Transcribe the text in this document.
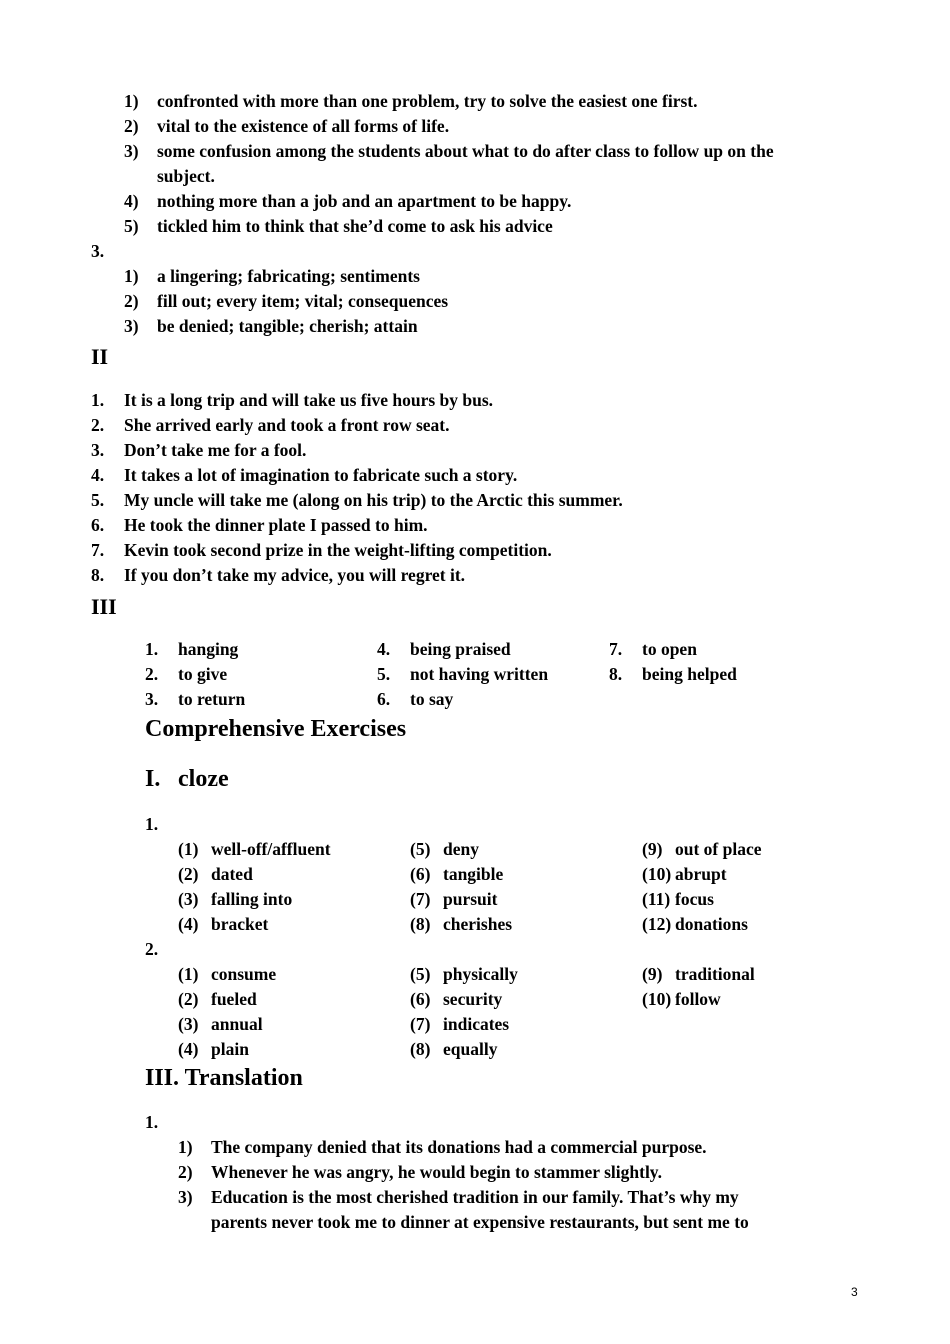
1) confronted with more than one problem, try to solve the easiest one first.
2) vital to the existence of all forms of life.
3) some confusion among the students about what to do after class to follow up on the
subject.
4) nothing more than a job and an apartment to be happy.
5) tickled him to think that she’d come to ask his advice
3.
1) a lingering; fabricating; sentiments
2) fill out; every item; vital; consequences
3) be denied; tangible; cherish; attain
II
1. It is a long trip and will take us five hours by bus.
2. She arrived early and took a front row seat.
3. Don’t take me for a fool.
4. It takes a lot of imagination to fabricate such a story.
5. My uncle will take me (along on his trip) to the Arctic this summer.
6. He took the dinner plate I passed to him.
7. Kevin took second prize in the weight-lifting competition.
8. If you don’t take my advice, you will regret it.
III
1. hanging
2. to give
3. to return
4. being praised
5. not having written
6. to say
7. to open
8. being helped
Comprehensive Exercises
I. cloze
1.
(1) well-off/affluent
(2) dated
(3) falling into
(4) bracket
(5) deny
(6) tangible
(7) pursuit
(8) cherishes
(9) out of place
(10) abrupt
(11) focus
(12) donations
2.
(1) consume
(2) fueled
(3) annual
(4) plain
(5) physically
(6) security
(7) indicates
(8) equally
(9) traditional
(10) follow
III. Translation
1.
1) The company denied that its donations had a commercial purpose.
2) Whenever he was angry, he would begin to stammer slightly.
3) Education is the most cherished tradition in our family. That’s why my
parents never took me to dinner at expensive restaurants, but sent me to
3
